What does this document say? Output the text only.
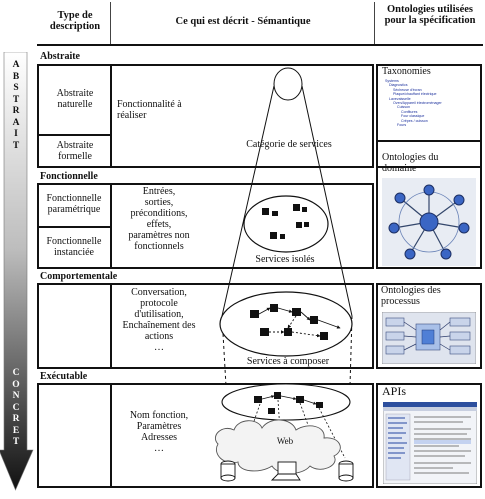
Type de description	Ce qui est décrit - Sémantique
Ontologies utilisées pour la spécification
A
B
S
T
R
A
I
T
C
O
N
C
R
E
T
Abstraite
Fonctionnelle
Comportementale
Exécutable
Abstraite naturelle
Abstraite formelle
Fonctionnalité à réaliser
Catégorie de services
Taxonomies
Systems
Diagnostics
Sécheuse d'écran
Plaque/chauffant électrique
Lavevaisselle
Oven/Appareil électroménager
Cuisson
Confitures
Four classique
Crêpes / cuisson
Fours
Fonctionnelle paramétrique
Fonctionnelle instanciée
Entrées,
sorties,
préconditions,
effets,
paramètres non
fonctionnels
Services isolés
Ontologies du domaine
Conversation,
protocole
d'utilisation,
Enchaînement des
actions
…
Services à composer
Ontologies des processus
Nom fonction,
Paramètres
Adresses
…
APIs
Web
